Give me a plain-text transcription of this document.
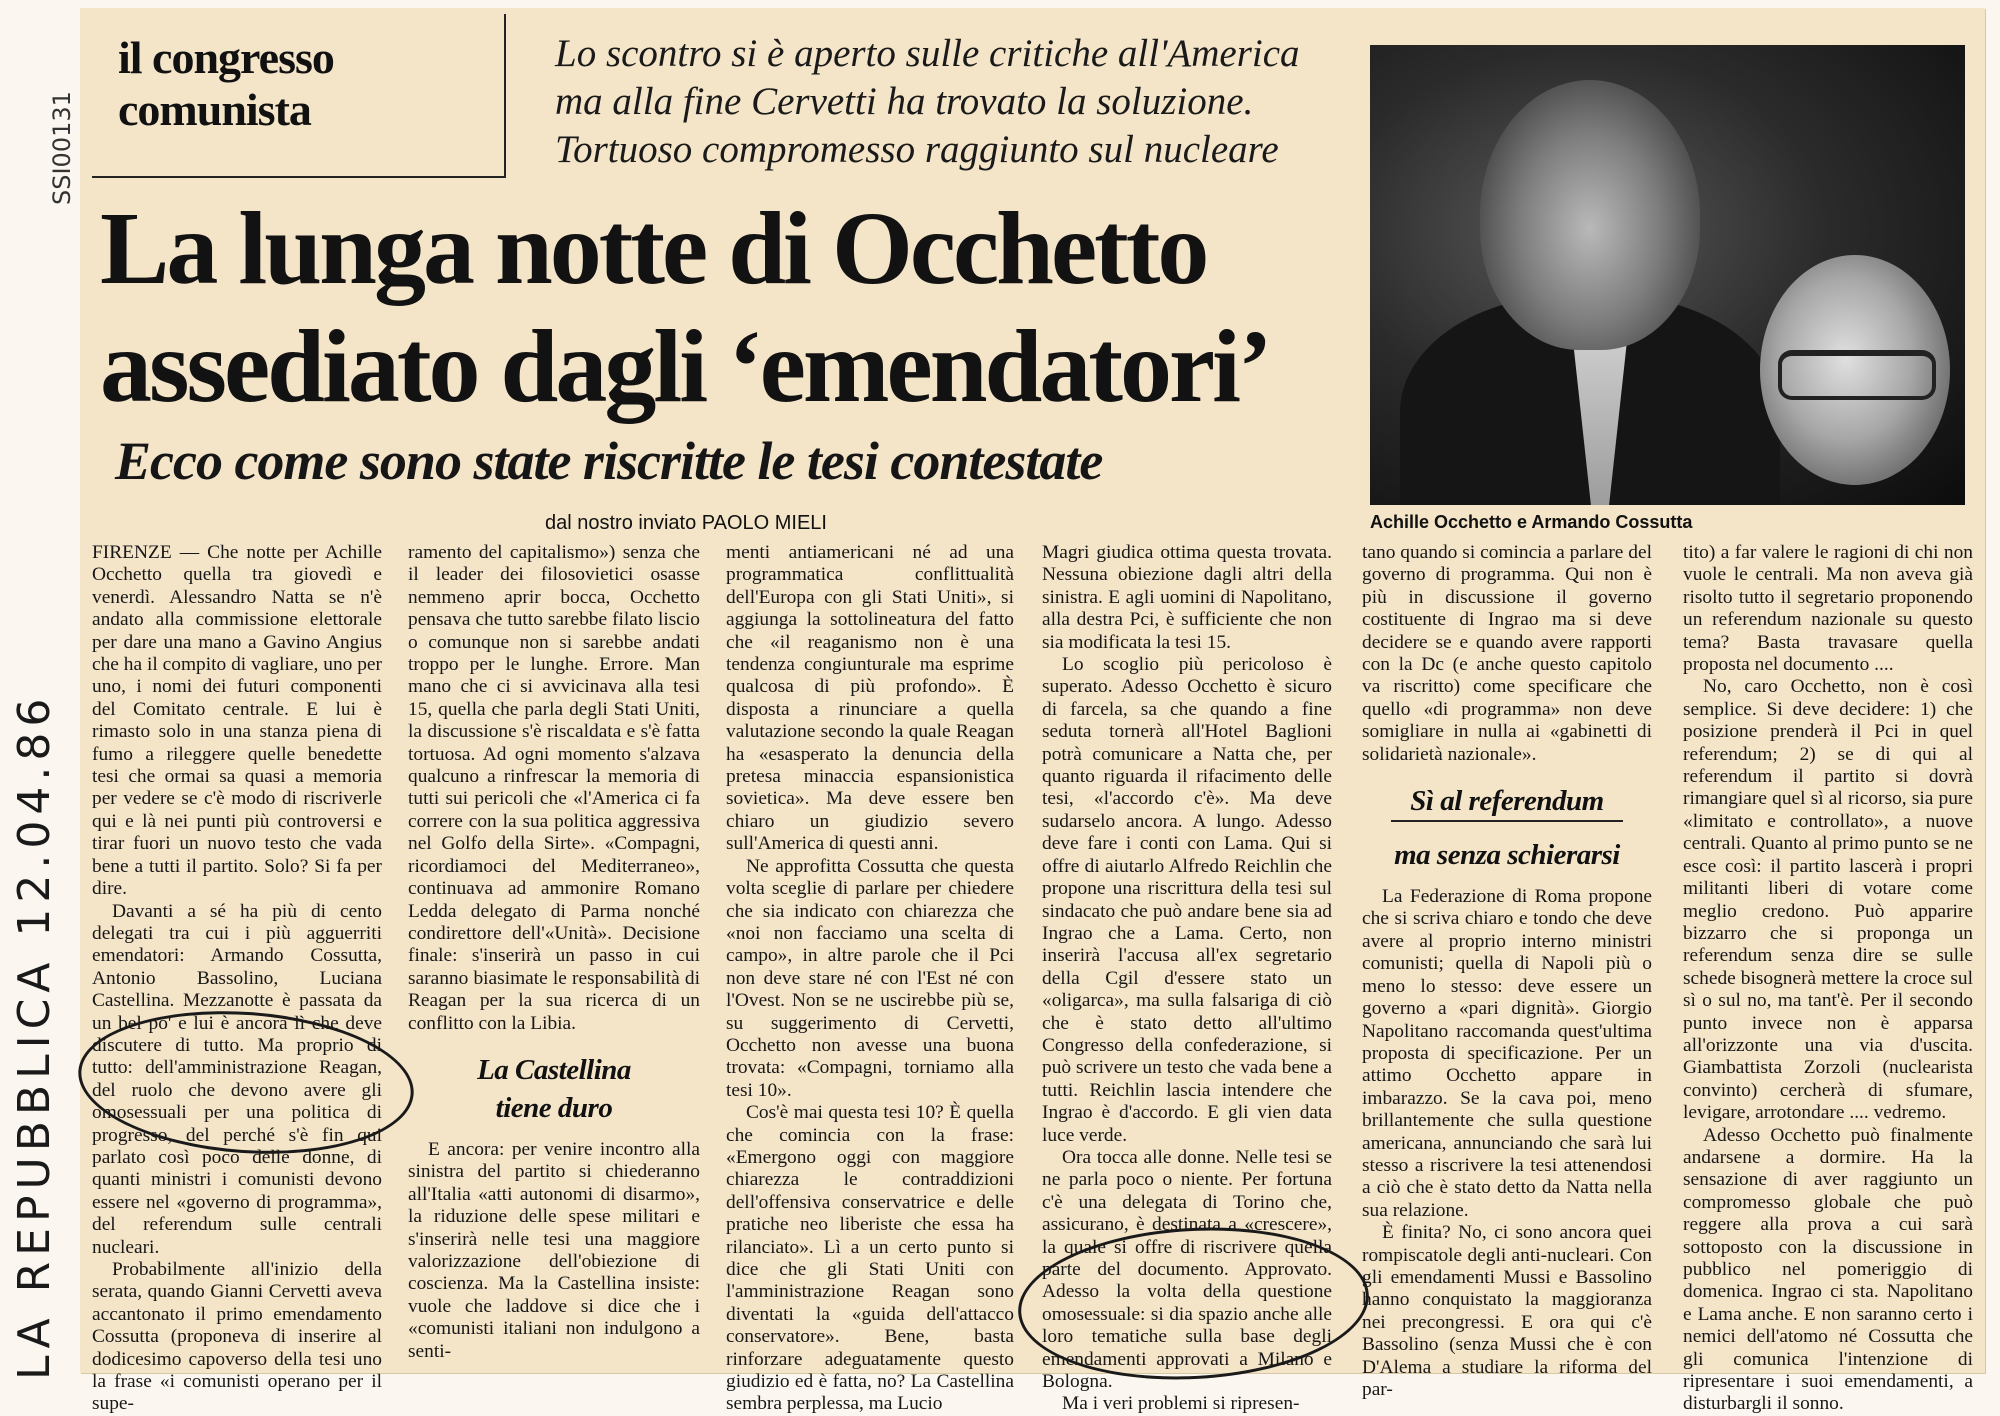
LA REPUBBLICA 12.04.86
SSI00131
il congresso
comunista
Lo scontro si è aperto sulle critiche all'America
ma alla fine Cervetti ha trovato la soluzione.
Tortuoso compromesso raggiunto sul nucleare
La lunga notte di Occhetto
assediato dagli ‘emendatori’
Ecco come sono state riscritte le tesi contestate
dal nostro inviato PAOLO MIELI	Achille Occhetto e Armando Cossutta

FIRENZE — Che notte per Achille Occhetto quella tra giovedì e venerdì. Alessandro Natta se n'è andato alla commissione elettorale per dare una mano a Gavino Angius che ha il compito di vagliare, uno per uno, i nomi dei futuri componenti del Comitato centrale. E lui è rimasto solo in una stanza piena di fumo a rileggere quelle benedette tesi che ormai sa quasi a memoria per vedere se c'è modo di riscriverle qui e là nei punti più controversi e tirar fuori un nuovo testo che vada bene a tutti il partito. Solo? Si fa per dire.

Davanti a sé ha più di cento delegati tra cui i più agguerriti emendatori: Armando Cossutta, Antonio Bassolino, Luciana Castellina. Mezzanotte è passata da un bel po' e lui è ancora lì che deve discutere di tutto. Ma proprio di tutto: dell'amministrazione Reagan, del ruolo che devono avere gli omosessuali per una politica di progresso, del perché s'è fin qui parlato così poco delle donne, di quanti ministri i comunisti devono essere nel «governo di programma», del referendum sulle centrali nucleari.

Probabilmente all'inizio della serata, quando Gianni Cervetti aveva accantonato il primo emendamento Cossutta (proponeva di inserire al dodicesimo capoverso della tesi uno la frase «i comunisti operano per il supe-

ramento del capitalismo») senza che il leader dei filosovietici osasse nemmeno aprir bocca, Occhetto pensava che tutto sarebbe filato liscio o comunque non si sarebbe andati troppo per le lunghe. Errore. Man mano che ci si avvicinava alla tesi 15, quella che parla degli Stati Uniti, la discussione s'è riscaldata e s'è fatta tortuosa. Ad ogni momento s'alzava qualcuno a rinfrescar la memoria di tutti sui pericoli che «l'America ci fa correre con la sua politica aggressiva nel Golfo della Sirte». «Compagni, ricordiamoci del Mediterraneo», continuava ad ammonire Romano Ledda delegato di Parma nonché condirettore dell'«Unità». Decisione finale: s'inserirà un passo in cui saranno biasimate le responsabilità di Reagan per la sua ricerca di un conflitto con la Libia.

La Castellina
tiene duro

E ancora: per venire incontro alla sinistra del partito si chiederanno all'Italia «atti autonomi di disarmo», la riduzione delle spese militari e s'inserirà nelle tesi una maggiore valorizzazione dell'obiezione di coscienza. Ma la Castellina insiste: vuole che laddove si dice che i «comunisti italiani non indulgono a senti-

menti antiamericani né ad una programmatica conflittualità dell'Europa con gli Stati Uniti», si aggiunga la sottolineatura del fatto che «il reaganismo non è una tendenza congiunturale ma esprime qualcosa di più profondo». È disposta a rinunciare a quella valutazione secondo la quale Reagan ha «esasperato la denuncia della pretesa minaccia espansionistica sovietica». Ma deve essere ben chiaro un giudizio severo sull'America di questi anni.

Ne approfitta Cossutta che questa volta sceglie di parlare per chiedere che sia indicato con chiarezza che «noi non facciamo una scelta di campo», in altre parole che il Pci non deve stare né con l'Est né con l'Ovest. Non se ne uscirebbe più se, su suggerimento di Cervetti, Occhetto non avesse una buona trovata: «Compagni, torniamo alla tesi 10».

Cos'è mai questa tesi 10? È quella che comincia con la frase: «Emergono oggi con maggiore chiarezza le contraddizioni dell'offensiva conservatrice e delle pratiche neo liberiste che essa ha rilanciato». Lì a un certo punto si dice che gli Stati Uniti con l'amministrazione Reagan sono diventati la «guida dell'attacco conservatore». Bene, basta rinforzare adeguatamente questo giudizio ed è fatta, no? La Castellina sembra perplessa, ma Lucio

Magri giudica ottima questa trovata. Nessuna obiezione dagli altri della sinistra. E agli uomini di Napolitano, alla destra Pci, è sufficiente che non sia modificata la tesi 15.

Lo scoglio più pericoloso è superato. Adesso Occhetto è sicuro di farcela, sa che quando a fine seduta tornerà all'Hotel Baglioni potrà comunicare a Natta che, per quanto riguarda il rifacimento delle tesi, «l'accordo c'è». Ma deve sudarselo ancora. A lungo. Adesso deve fare i conti con Lama. Qui si offre di aiutarlo Alfredo Reichlin che propone una riscrittura della tesi sul sindacato che può andare bene sia ad Ingrao che a Lama. Certo, non inserirà l'accusa all'ex segretario della Cgil d'essere stato un «oligarca», ma sulla falsariga di ciò che è stato detto all'ultimo Congresso della confederazione, si può scrivere un testo che vada bene a tutti. Reichlin lascia intendere che Ingrao è d'accordo. E gli vien data luce verde.

Ora tocca alle donne. Nelle tesi se ne parla poco o niente. Per fortuna c'è una delegata di Torino che, assicurano, è destinata a «crescere», la quale si offre di riscrivere quella parte del documento. Approvato. Adesso la volta della questione omosessuale: si dia spazio anche alle loro tematiche sulla base degli emendamenti approvati a Milano e Bologna.

Ma i veri problemi si ripresen-

tano quando si comincia a parlare del governo di programma. Qui non è più in discussione il governo costituente di Ingrao ma si deve decidere se e quando avere rapporti con la Dc (e anche questo capitolo va riscritto) come specificare che quello «di programma» non deve somigliare in nulla ai «gabinetti di solidarietà nazionale».

Sì al referendum
ma senza schierarsi

La Federazione di Roma propone che si scriva chiaro e tondo che deve avere al proprio interno ministri comunisti; quella di Napoli più o meno lo stesso: deve essere un governo a «pari dignità». Giorgio Napolitano raccomanda quest'ultima proposta di specificazione. Per un attimo Occhetto appare in imbarazzo. Se la cava poi, meno brillantemente che sulla questione americana, annunciando che sarà lui stesso a riscrivere la tesi attenendosi a ciò che è stato detto da Natta nella sua relazione.

È finita? No, ci sono ancora quei rompiscatole degli anti-nucleari. Con gli emendamenti Mussi e Bassolino hanno conquistato la maggioranza nei precongressi. E ora qui c'è Bassolino (senza Mussi che è con D'Alema a studiare la riforma del par-

tito) a far valere le ragioni di chi non vuole le centrali. Ma non aveva già risolto tutto il segretario proponendo un referendum nazionale su questo tema? Basta travasare quella proposta nel documento ....

No, caro Occhetto, non è così semplice. Si deve decidere: 1) che posizione prenderà il Pci in quel referendum; 2) se di qui al referendum il partito si dovrà rimangiare quel sì al ricorso, sia pure «limitato e controllato», a nuove centrali. Quanto al primo punto se ne esce così: il partito lascerà i propri militanti liberi di votare come meglio credono. Può apparire bizzarro che si proponga un referendum senza dire se sulle schede bisognerà mettere la croce sul sì o sul no, ma tant'è. Per il secondo punto invece non è apparsa all'orizzonte una via d'uscita. Giambattista Zorzoli (nuclearista convinto) cercherà di sfumare, levigare, arrotondare .... vedremo.

Adesso Occhetto può finalmente andarsene a dormire. Ha la sensazione di aver raggiunto un compromesso globale che può reggere alla prova a cui sarà sottoposto con la discussione in pubblico nel pomeriggio di domenica. Ingrao ci sta. Napolitano e Lama anche. E non saranno certo i nemici dell'atomo né Cossutta che gli comunica l'intenzione di ripresentare i suoi emendamenti, a disturbargli il sonno.
